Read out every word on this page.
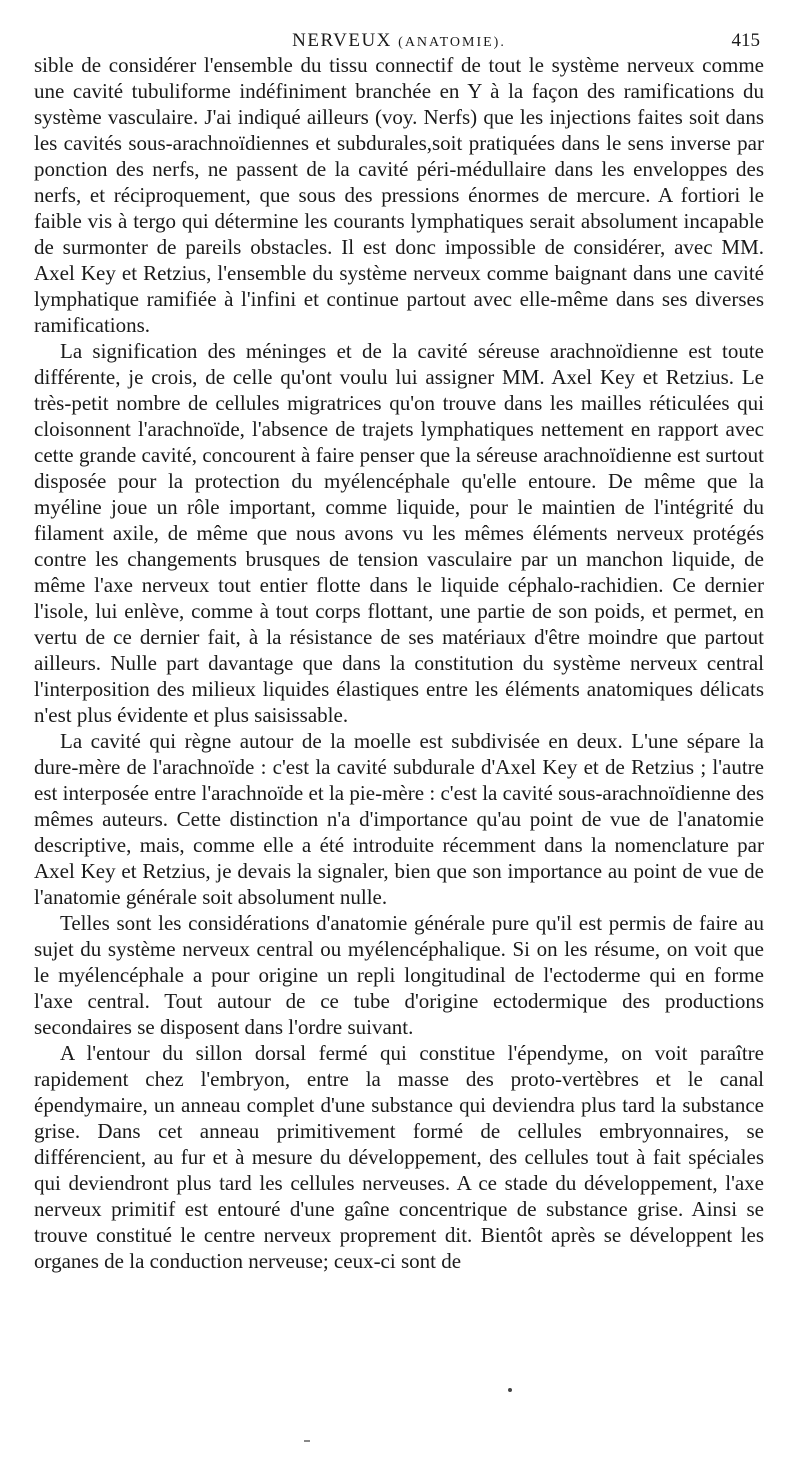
NERVEUX (ANATOMIE).	415

sible de considérer l'ensemble du tissu connectif de tout le système nerveux comme une cavité tubuliforme indéfiniment branchée en Y à la façon des ramifications du système vasculaire. J'ai indiqué ailleurs (voy. Nerfs) que les injections faites soit dans les cavités sous-arachnoïdiennes et subdurales,soit pratiquées dans le sens inverse par ponction des nerfs, ne passent de la cavité péri-médullaire dans les enveloppes des nerfs, et réciproquement, que sous des pressions énormes de mercure. A fortiori le faible vis à tergo qui détermine les courants lymphatiques serait absolument incapable de surmonter de pareils obstacles. Il est donc impossible de considérer, avec MM. Axel Key et Retzius, l'ensemble du système nerveux comme baignant dans une cavité lymphatique ramifiée à l'infini et continue partout avec elle-même dans ses diverses ramifications.

La signification des méninges et de la cavité séreuse arachnoïdienne est toute différente, je crois, de celle qu'ont voulu lui assigner MM. Axel Key et Retzius. Le très-petit nombre de cellules migratrices qu'on trouve dans les mailles réticulées qui cloisonnent l'arachnoïde, l'absence de trajets lymphatiques nettement en rapport avec cette grande cavité, concourent à faire penser que la séreuse arachnoïdienne est surtout disposée pour la protection du myélencéphale qu'elle entoure. De même que la myéline joue un rôle important, comme liquide, pour le maintien de l'intégrité du filament axile, de même que nous avons vu les mêmes éléments nerveux protégés contre les changements brusques de tension vasculaire par un manchon liquide, de même l'axe nerveux tout entier flotte dans le liquide céphalo-rachidien. Ce dernier l'isole, lui enlève, comme à tout corps flottant, une partie de son poids, et permet, en vertu de ce dernier fait, à la résistance de ses matériaux d'être moindre que partout ailleurs. Nulle part davantage que dans la constitution du système nerveux central l'interposition des milieux liquides élastiques entre les éléments anatomiques délicats n'est plus évidente et plus saisissable.

La cavité qui règne autour de la moelle est subdivisée en deux. L'une sépare la dure-mère de l'arachnoïde : c'est la cavité subdurale d'Axel Key et de Retzius ; l'autre est interposée entre l'arachnoïde et la pie-mère : c'est la cavité sous-arachnoïdienne des mêmes auteurs. Cette distinction n'a d'importance qu'au point de vue de l'anatomie descriptive, mais, comme elle a été introduite récemment dans la nomenclature par Axel Key et Retzius, je devais la signaler, bien que son importance au point de vue de l'anatomie générale soit absolument nulle.

Telles sont les considérations d'anatomie générale pure qu'il est permis de faire au sujet du système nerveux central ou myélencéphalique. Si on les résume, on voit que le myélencéphale a pour origine un repli longitudinal de l'ectoderme qui en forme l'axe central. Tout autour de ce tube d'origine ectodermique des productions secondaires se disposent dans l'ordre suivant.

A l'entour du sillon dorsal fermé qui constitue l'épendyme, on voit paraître rapidement chez l'embryon, entre la masse des proto-vertèbres et le canal épendymaire, un anneau complet d'une substance qui deviendra plus tard la substance grise. Dans cet anneau primitivement formé de cellules embryonnaires, se différencient, au fur et à mesure du développement, des cellules tout à fait spéciales qui deviendront plus tard les cellules nerveuses. A ce stade du développement, l'axe nerveux primitif est entouré d'une gaîne concentrique de substance grise. Ainsi se trouve constitué le centre nerveux proprement dit. Bientôt après se développent les organes de la conduction nerveuse; ceux-ci sont de
